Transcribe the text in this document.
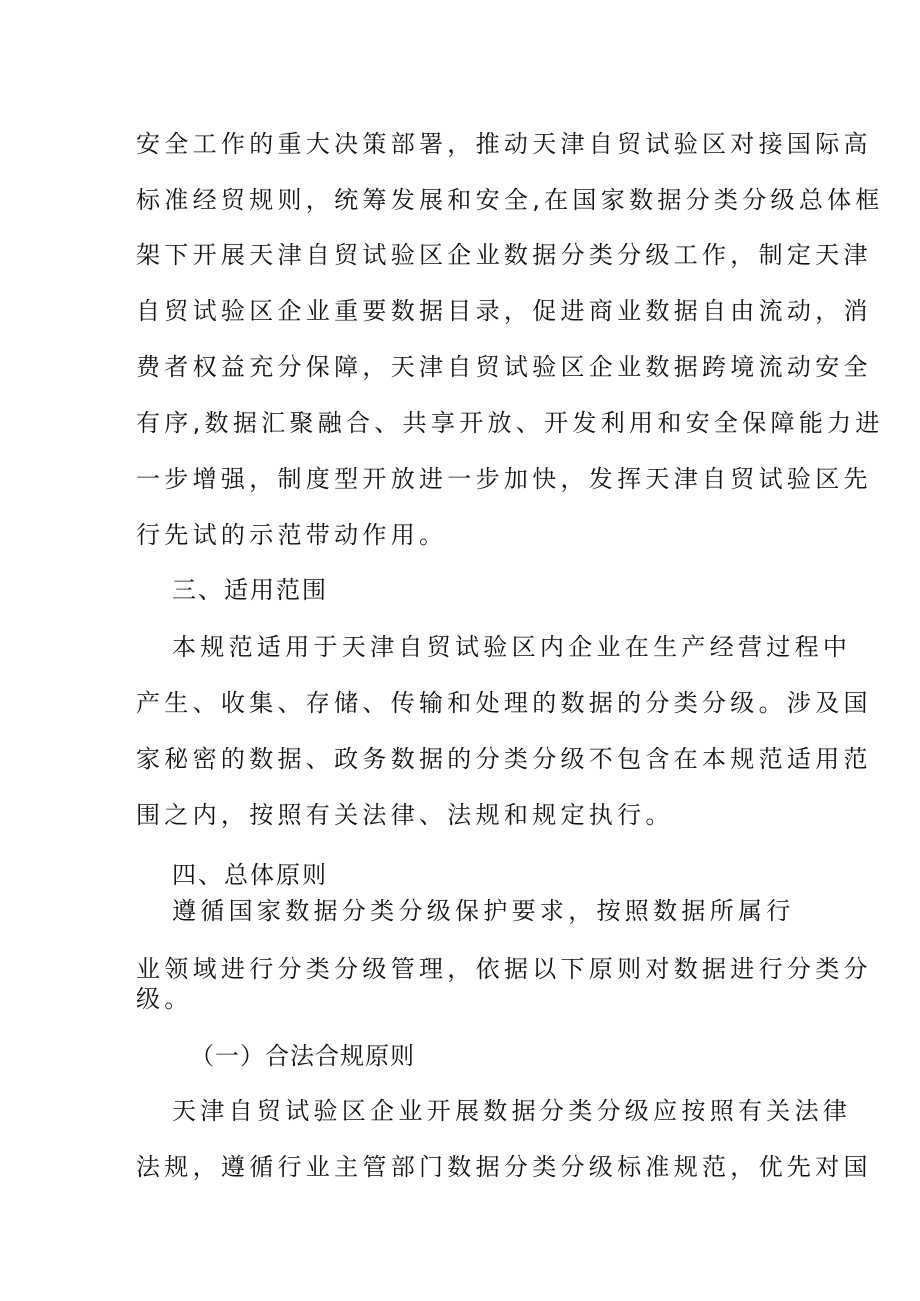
安全工作的重大决策部署，推动天津自贸试验区对接国际高
标准经贸规则，统筹发展和安全,在国家数据分类分级总体框
架下开展天津自贸试验区企业数据分类分级工作，制定天津
自贸试验区企业重要数据目录，促进商业数据自由流动，消
费者权益充分保障，天津自贸试验区企业数据跨境流动安全
有序,数据汇聚融合、共享开放、开发利用和安全保障能力进
一步增强，制度型开放进一步加快，发挥天津自贸试验区先
行先试的示范带动作用。
三、适用范围
本规范适用于天津自贸试验区内企业在生产经营过程中
产生、收集、存储、传输和处理的数据的分类分级。涉及国
家秘密的数据、政务数据的分类分级不包含在本规范适用范
围之内，按照有关法律、法规和规定执行。
四、总体原则
遵循国家数据分类分级保护要求，按照数据所属行
业领域进行分类分级管理，依据以下原则对数据进行分类分
级。
（一）合法合规原则
天津自贸试验区企业开展数据分类分级应按照有关法律
法规，遵循行业主管部门数据分类分级标准规范，优先对国
